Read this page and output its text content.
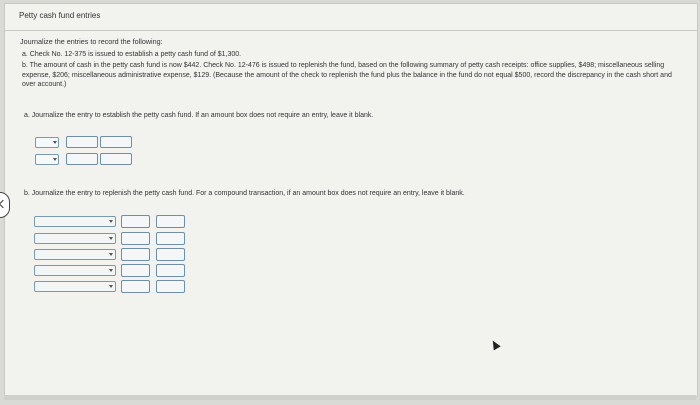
Petty cash fund entries
Journalize the entries to record the following:
a. Check No. 12-375 is issued to establish a petty cash fund of $1,300.
b. The amount of cash in the petty cash fund is now $442. Check No. 12-476 is issued to replenish the fund, based on the following summary of petty cash receipts: office supplies, $498; miscellaneous selling expense, $206; miscellaneous administrative expense, $129. (Because the amount of the check to replenish the fund plus the balance in the fund do not equal $500, record the discrepancy in the cash short and over account.)
a. Journalize the entry to establish the petty cash fund. If an amount box does not require an entry, leave it blank.
b. Journalize the entry to replenish the petty cash fund. For a compound transaction, if an amount box does not require an entry, leave it blank.
